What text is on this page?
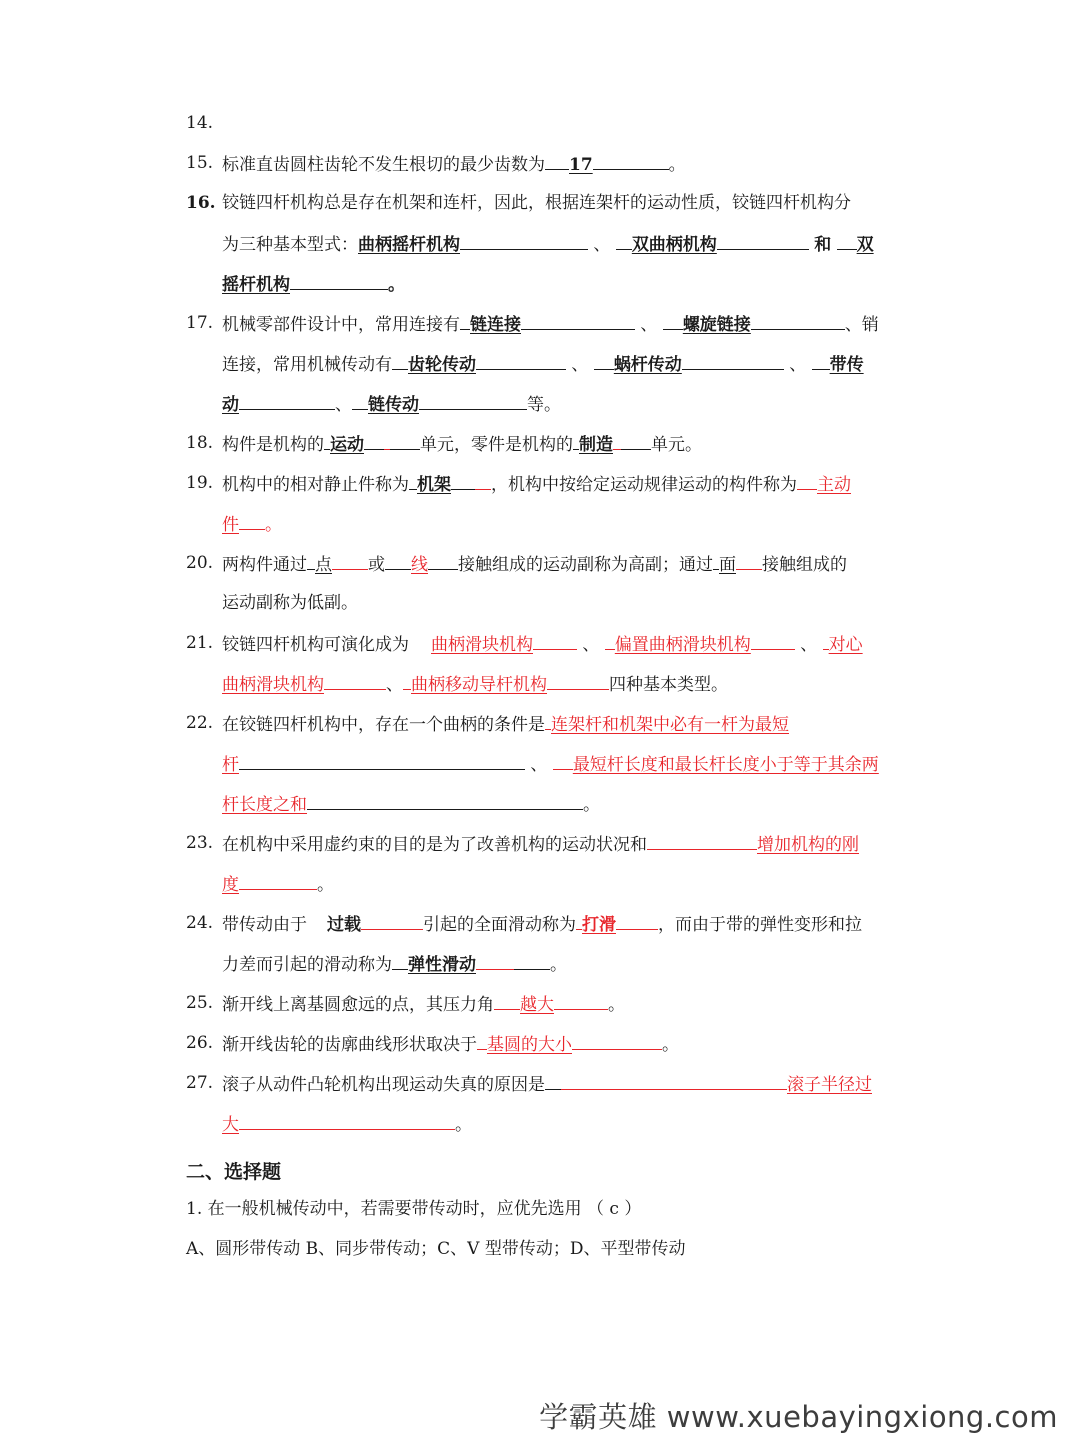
14.
15. 标准直齿圆柱齿轮不发生根切的最少齿数为 17	。
16. 铰链四杆机构总是存在机架和连杆，因此，根据连架杆的运动性质，铰链四杆机构分
为三种基本型式：曲柄摇杆机构	、 双曲柄机构	和 双
摇杆机构	。
17. 机械零部件设计中，常用连接有 链连接	、 螺旋链接	、销
连接，常用机械传动有 齿轮传动	、 蜗杆传动	、 带传
动	、 链传动	等。
18. 构件是机构的 运动	单元，零件是机构的 制造 单元。
19. 机构中的相对静止件称为 机架 ，机构中按给定运动规律运动的构件称为 主动
件 。
20. 两构件通过 点 或 线 接触组成的运动副称为高副；通过 面 接触组成的
运动副称为低副。
21. 铰链四杆机构可演化成为 曲柄滑块机构	、 偏置曲柄滑块机构	、 对心
曲柄滑块机构	、 曲柄移动导杆机构	四种基本类型。
22. 在铰链四杆机构中，存在一个曲柄的条件是 连架杆和机架中必有一杆为最短
杆	、 最短杆长度和最长杆长度小于等于其余两
杆长度之和	。
23. 在机构中采用虚约束的目的是为了改善机构的运动状况和	增加机构的刚
度	。
24. 带传动由于 过载	引起的全面滑动称为 打滑 ，而由于带的弹性变形和拉
力差而引起的滑动称为 弹性滑动	。
25. 渐开线上离基圆愈远的点，其压力角 越大	。
26. 渐开线齿轮的齿廓曲线形状取决于 基圆的大小	。
27. 滚子从动件凸轮机构出现运动失真的原因是	滚子半径过
大	。
二、选择题
1. 在一般机械传动中，若需要带传动时，应优先选用 （ c ）
A、圆形带传动 B、同步带传动；C、V 型带传动；D、平型带传动
学霸英雄 www.xuebayingxiong.com
